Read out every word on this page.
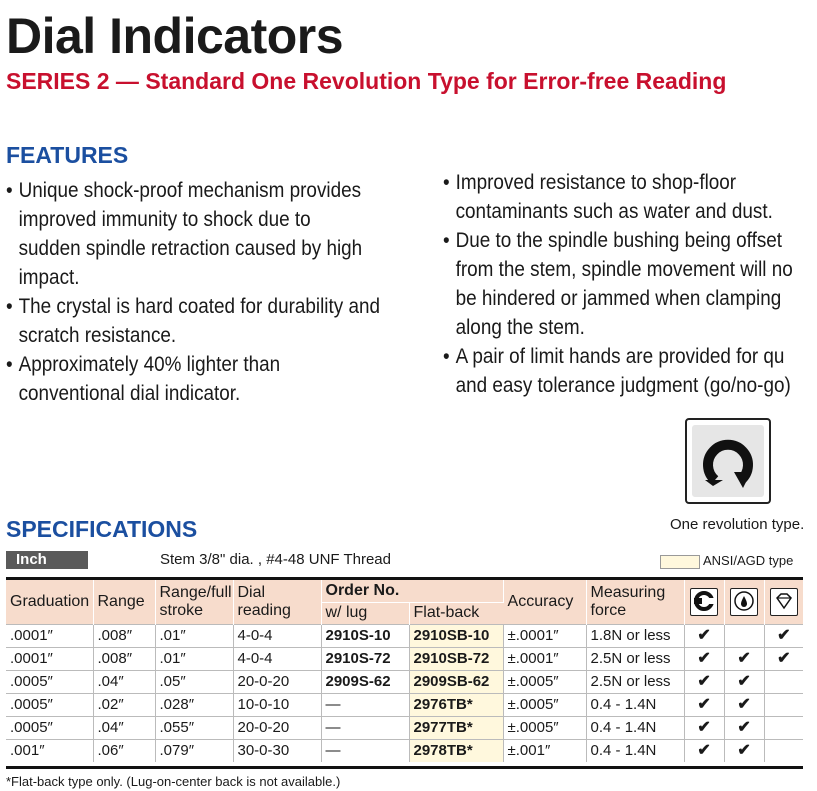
Dial Indicators
SERIES 2 — Standard One Revolution Type for Error-free Reading
FEATURES
• Unique shock-proof mechanism provides
improved immunity to shock due to
sudden spindle retraction caused by high
impact.
• The crystal is hard coated for durability and
scratch resistance.
• Approximately 40% lighter than
conventional dial indicator.
• Improved resistance to shop-floor
contaminants such as water and dust.
• Due to the spindle bushing being offset
from the stem, spindle movement will no
be hindered or jammed when clamping
along the stem.
• A pair of limit hands are provided for qu
and easy tolerance judgment (go/no-go)
One revolution type.
SPECIFICATIONS
Inch	Stem 3/8" dia. , #4-48 UNF Thread	ANSI/AGD type
Graduation	Range	Range/full
stroke	Dial reading	Order No.		Accuracy	Measuring
force			
				w/ lug	Flat-back					
.0001″	.008″	.01″	4-0-4	2910S-10	2910SB-10	±.0001″	1.8N or less	✔		✔
.0001″	.008″	.01″	4-0-4	2910S-72	2910SB-72	±.0001″	2.5N or less	✔	✔	✔
.0005″	.04″	.05″	20-0-20	2909S-62	2909SB-62	±.0005″	2.5N or less	✔	✔	
.0005″	.02″	.028″	10-0-10	—	2976TB*	±.0005″	0.4 - 1.4N	✔	✔	
.0005″	.04″	.055″	20-0-20	—	2977TB*	±.0005″	0.4 - 1.4N	✔	✔	
.001″	.06″	.079″	30-0-30	—	2978TB*	±.001″	0.4 - 1.4N	✔	✔	
*Flat-back type only. (Lug-on-center back is not available.)
